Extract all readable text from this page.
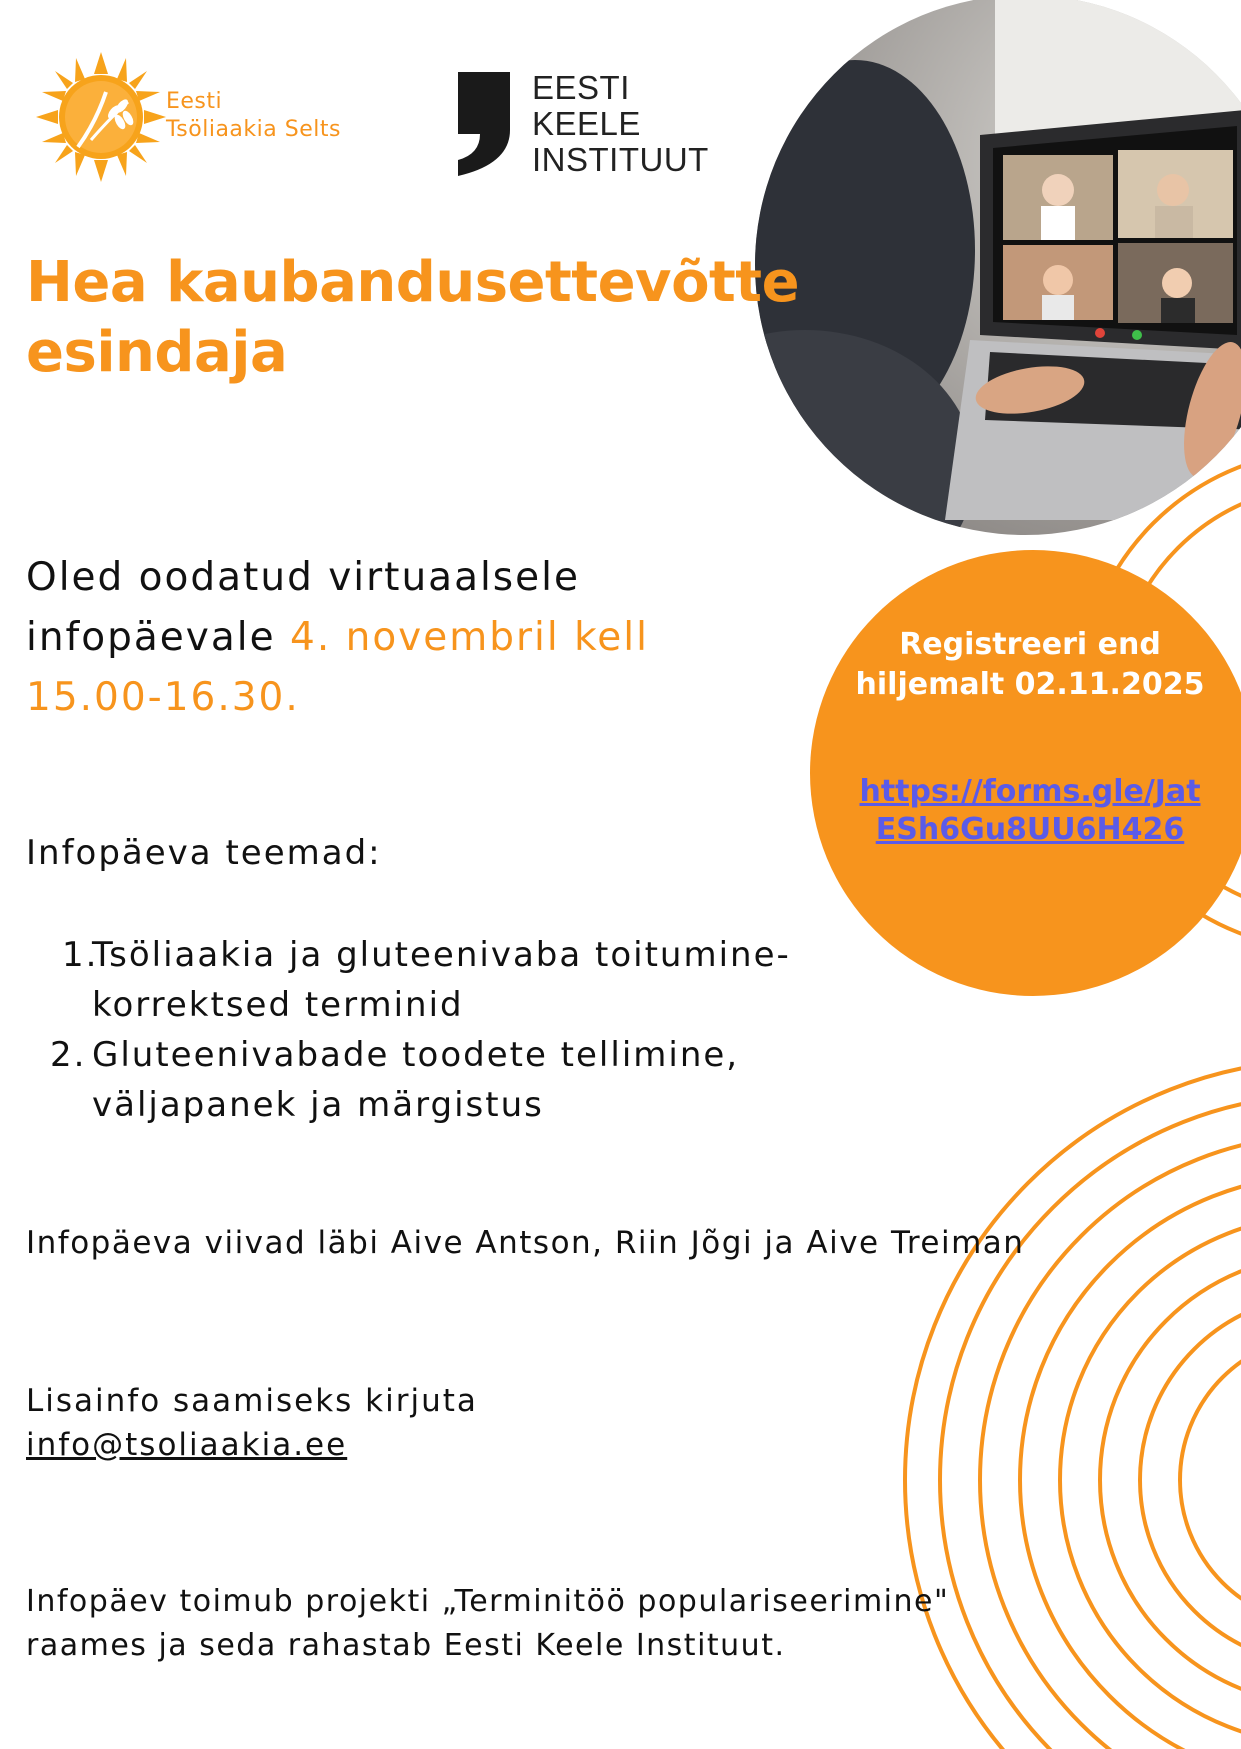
Eesti
Tsöliaakia Selts
EESTI
KEELE
INSTITUUT
Hea kaubandusettevõtte
esindaja
Oled oodatud virtuaalsele
infopäevale 4. novembril kell
15.00-16.30.
Registreeri end
hiljemalt 02.11.2025
https://forms.gle/Jat
ESh6Gu8UU6H426
Infopäeva teemad:
1.
Tsöliaakia ja gluteenivaba toitumine-
korrektsed terminid
2. Gluteenivabade toodete tellimine,
väljapanek ja märgistus
Infopäeva viivad läbi Aive Antson, Riin Jõgi ja Aive Treiman
Lisainfo saamiseks kirjuta
info@tsoliaakia.ee
Infopäev toimub projekti „Terminitöö populariseerimine"
raames ja seda rahastab Eesti Keele Instituut.
